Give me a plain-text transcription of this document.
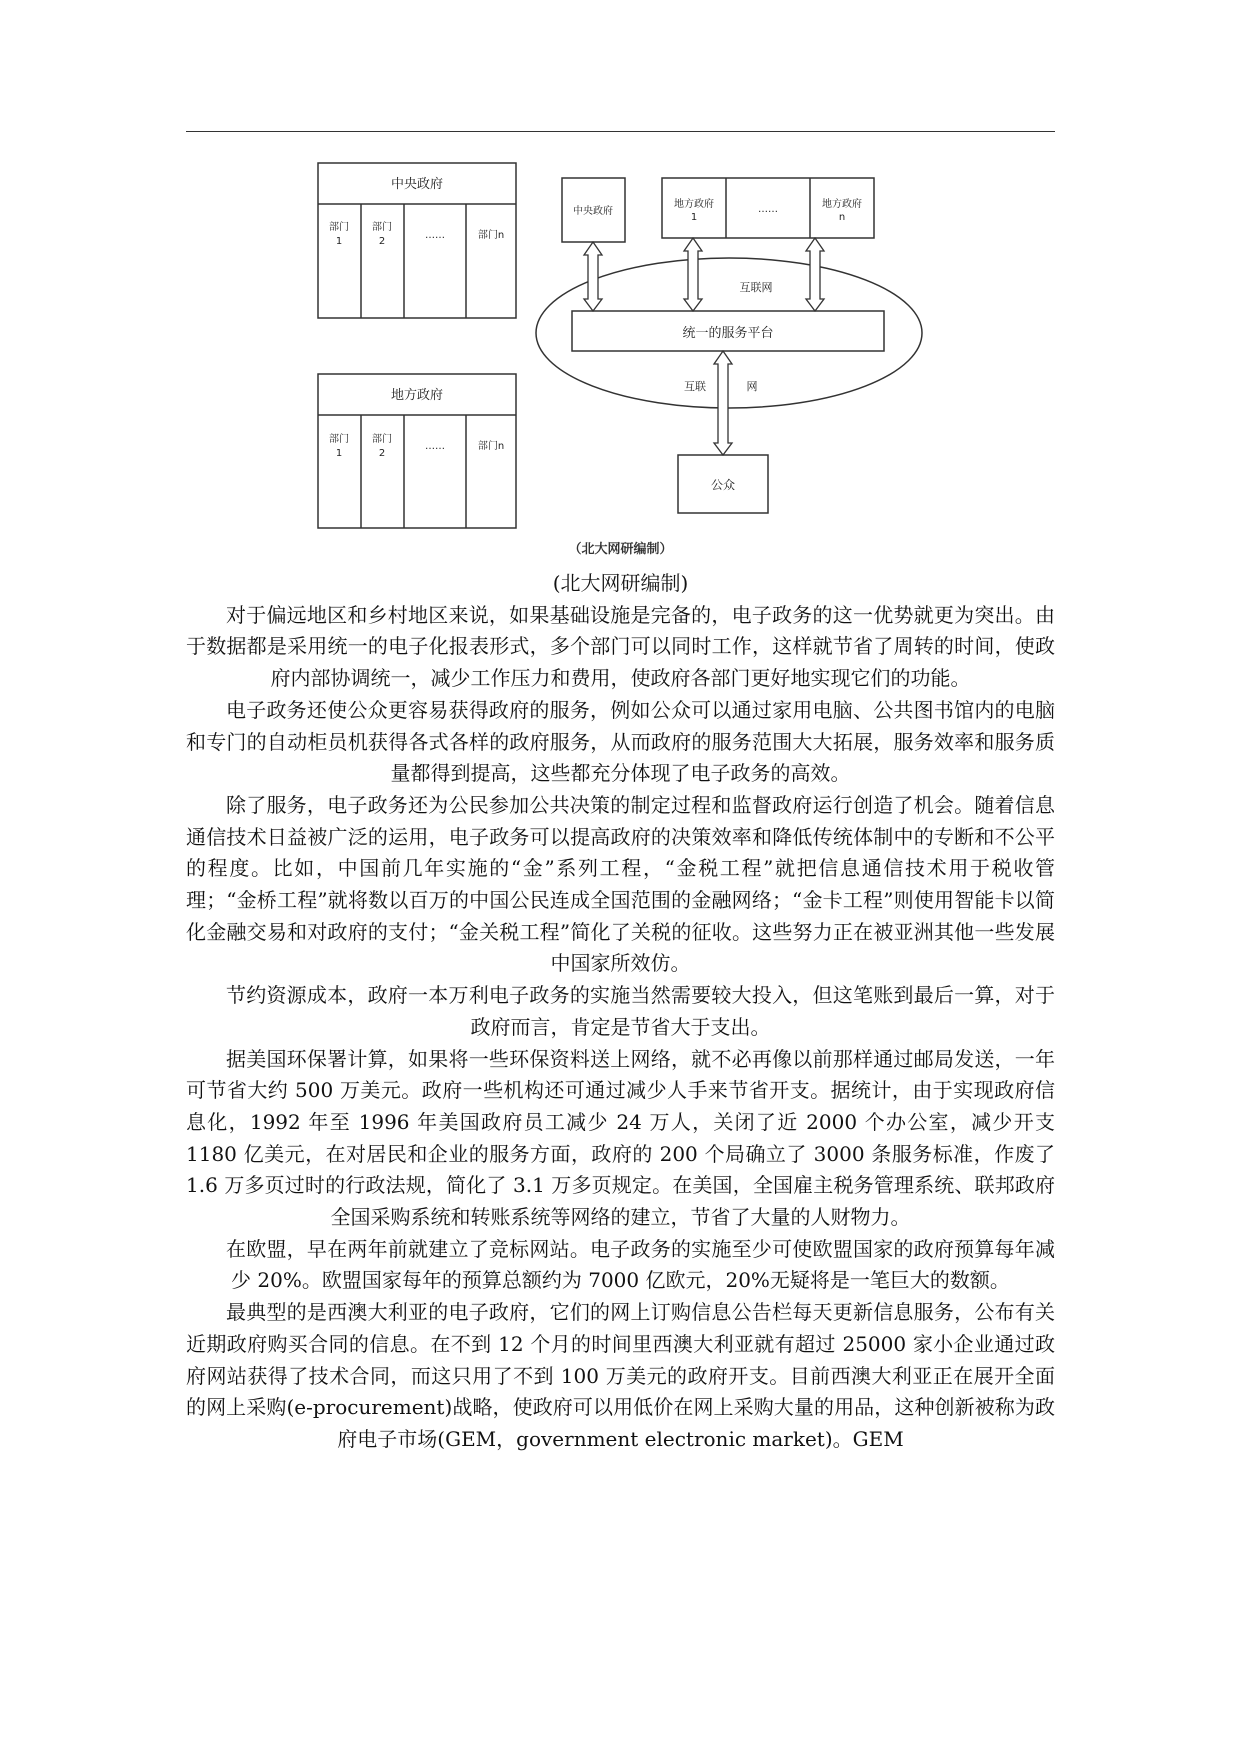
中央政府
部门
1
部门
2
……	部门n
地方政府
部门
1
部门
2
……	部门n
中央政府
地方政府
1
……	地方政府
n
互联网
统一的服务平台
互联	网
公众
（北大网研编制）
(北大网研编制)

对于偏远地区和乡村地区来说，如果基础设施是完备的，电子政务的这一优势就更为突出。由于数据都是采用统一的电子化报表形式，多个部门可以同时工作，这样就节省了周转的时间，使政府内部协调统一，减少工作压力和费用，使政府各部门更好地实现它们的功能。

电子政务还使公众更容易获得政府的服务，例如公众可以通过家用电脑、公共图书馆内的电脑和专门的自动柜员机获得各式各样的政府服务，从而政府的服务范围大大拓展，服务效率和服务质量都得到提高，这些都充分体现了电子政务的高效。

除了服务，电子政务还为公民参加公共决策的制定过程和监督政府运行创造了机会。随着信息通信技术日益被广泛的运用，电子政务可以提高政府的决策效率和降低传统体制中的专断和不公平的程度。比如，中国前几年实施的“金”系列工程，“金税工程”就把信息通信技术用于税收管理；“金桥工程”就将数以百万的中国公民连成全国范围的金融网络；“金卡工程”则使用智能卡以简化金融交易和对政府的支付；“金关税工程”简化了关税的征收。这些努力正在被亚洲其他一些发展中国家所效仿。

节约资源成本，政府一本万利电子政务的实施当然需要较大投入，但这笔账到最后一算，对于政府而言，肯定是节省大于支出。

据美国环保署计算，如果将一些环保资料送上网络，就不必再像以前那样通过邮局发送，一年可节省大约 500 万美元。政府一些机构还可通过减少人手来节省开支。据统计，由于实现政府信息化，1992 年至 1996 年美国政府员工减少 24 万人，关闭了近 2000 个办公室，减少开支 1180 亿美元，在对居民和企业的服务方面，政府的 200 个局确立了 3000 条服务标准，作废了 1.6 万多页过时的行政法规，简化了 3.1 万多页规定。在美国，全国雇主税务管理系统、联邦政府全国采购系统和转账系统等网络的建立，节省了大量的人财物力。

在欧盟，早在两年前就建立了竞标网站。电子政务的实施至少可使欧盟国家的政府预算每年减少 20%。欧盟国家每年的预算总额约为 7000 亿欧元，20%无疑将是一笔巨大的数额。

最典型的是西澳大利亚的电子政府，它们的网上订购信息公告栏每天更新信息服务，公布有关近期政府购买合同的信息。在不到 12 个月的时间里西澳大利亚就有超过 25000 家小企业通过政府网站获得了技术合同，而这只用了不到 100 万美元的政府开支。目前西澳大利亚正在展开全面的网上采购(e-procurement)战略，使政府可以用低价在网上采购大量的用品，这种创新被称为政府电子市场(GEM，government electronic market)。GEM
